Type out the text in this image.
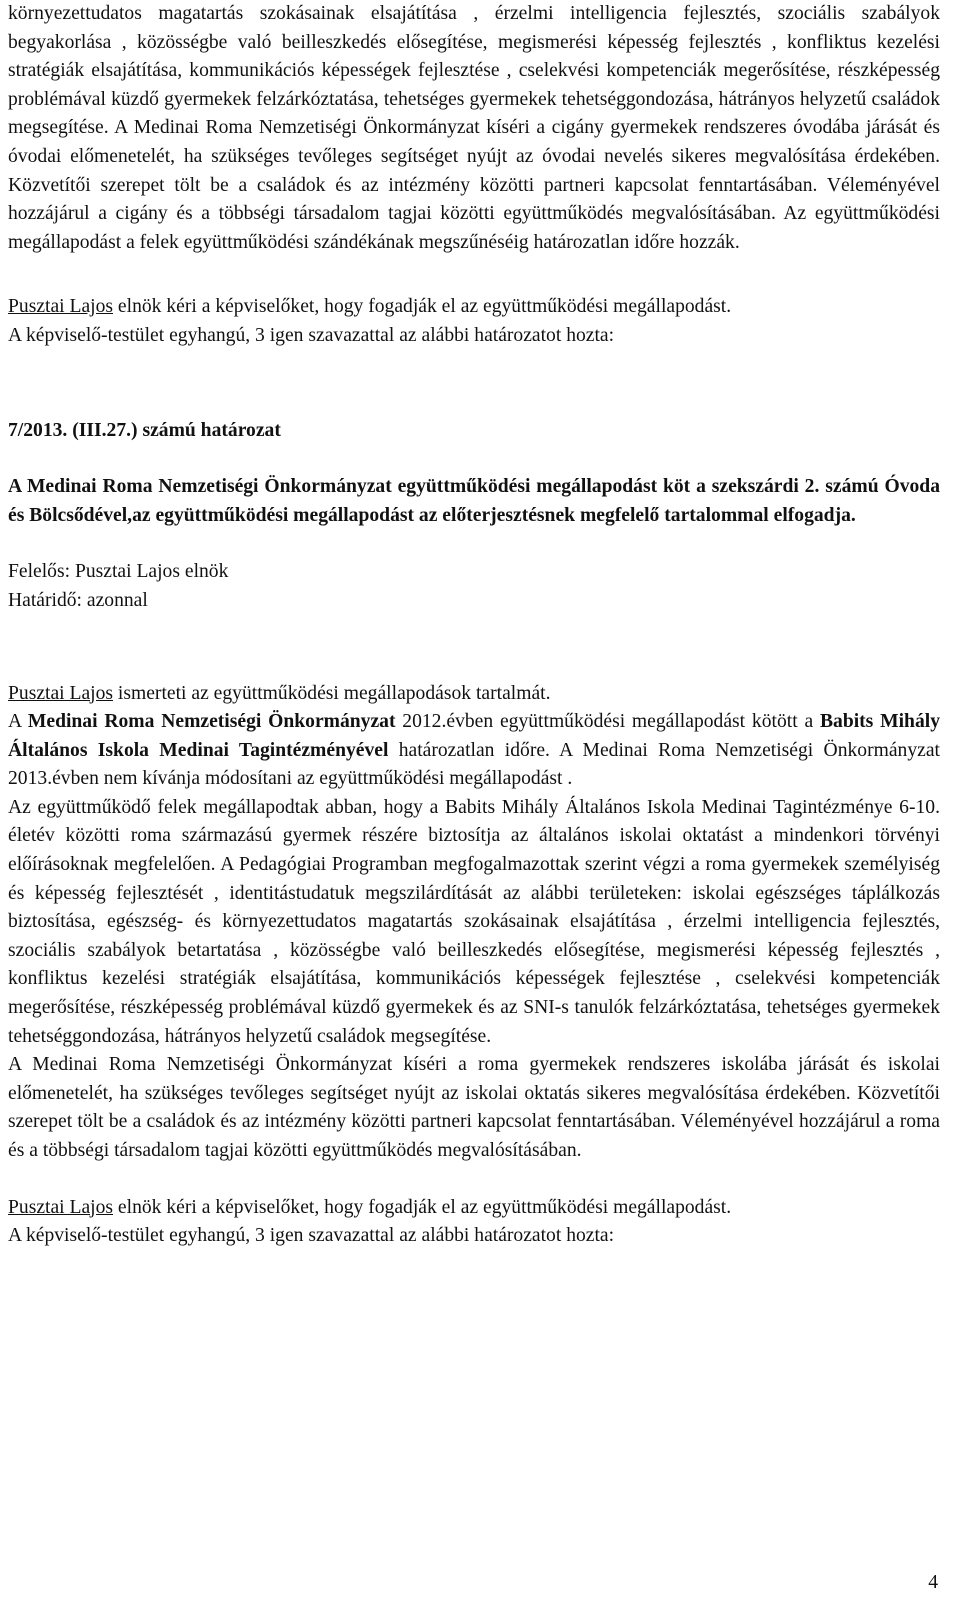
környezettudatos magatartás szokásainak elsajátítása , érzelmi intelligencia fejlesztés, szociális szabályok begyakorlása , közösségbe való beilleszkedés elősegítése, megismerési képesség fejlesztés , konfliktus kezelési stratégiák elsajátítása, kommunikációs képességek fejlesztése , cselekvési kompetenciák megerősítése, részképesség problémával küzdő gyermekek felzárkóztatása, tehetséges gyermekek tehetséggondozása, hátrányos helyzetű családok megsegítése. A Medinai Roma Nemzetiségi Önkormányzat kíséri a cigány gyermekek rendszeres óvodába járását és óvodai előmenetelét, ha szükséges tevőleges segítséget nyújt az óvodai nevelés sikeres megvalósítása érdekében. Közvetítői szerepet tölt be a családok és az intézmény közötti partneri kapcsolat fenntartásában. Véleményével hozzájárul a cigány és a többségi társadalom tagjai közötti együttműködés megvalósításában. Az együttműködési megállapodást a felek együttműködési szándékának megszűnéséig határozatlan időre hozzák.

Pusztai Lajos elnök kéri a képviselőket, hogy fogadják el az együttműködési megállapodást.

A képviselő-testület egyhangú, 3 igen szavazattal az alábbi határozatot hozta:

7/2013. (III.27.) számú határozat

A Medinai Roma Nemzetiségi Önkormányzat együttműködési megállapodást köt a szekszárdi 2. számú Óvoda és Bölcsődével,az együttműködési megállapodást az előterjesztésnek megfelelő tartalommal elfogadja.

Felelős: Pusztai Lajos elnök

Határidő: azonnal

Pusztai Lajos ismerteti az együttműködési megállapodások tartalmát.

A Medinai Roma Nemzetiségi Önkormányzat 2012.évben együttműködési megállapodást kötött a Babits Mihály Általános Iskola Medinai Tagintézményével határozatlan időre. A Medinai Roma Nemzetiségi Önkormányzat 2013.évben nem kívánja módosítani az együttműködési megállapodást .

Az együttműködő felek megállapodtak abban, hogy a Babits Mihály Általános Iskola Medinai Tagintézménye 6-10. életév közötti roma származású gyermek részére biztosítja az általános iskolai oktatást a mindenkori törvényi előírásoknak megfelelően. A Pedagógiai Programban megfogalmazottak szerint végzi a roma gyermekek személyiség és képesség fejlesztését , identitástudatuk megszilárdítását az alábbi területeken: iskolai egészséges táplálkozás biztosítása, egészség- és környezettudatos magatartás szokásainak elsajátítása , érzelmi intelligencia fejlesztés, szociális szabályok betartatása , közösségbe való beilleszkedés elősegítése, megismerési képesség fejlesztés , konfliktus kezelési stratégiák elsajátítása, kommunikációs képességek fejlesztése , cselekvési kompetenciák megerősítése, részképesség problémával küzdő gyermekek és az SNI-s tanulók felzárkóztatása, tehetséges gyermekek tehetséggondozása, hátrányos helyzetű családok megsegítése.

A Medinai Roma Nemzetiségi Önkormányzat kíséri a roma gyermekek rendszeres iskolába járását és iskolai előmenetelét, ha szükséges tevőleges segítséget nyújt az iskolai oktatás sikeres megvalósítása érdekében. Közvetítői szerepet tölt be a családok és az intézmény közötti partneri kapcsolat fenntartásában. Véleményével hozzájárul a roma és a többségi társadalom tagjai közötti együttműködés megvalósításában.

Pusztai Lajos elnök kéri a képviselőket, hogy fogadják el az együttműködési megállapodást.

A képviselő-testület egyhangú, 3 igen szavazattal az alábbi határozatot hozta:

4
